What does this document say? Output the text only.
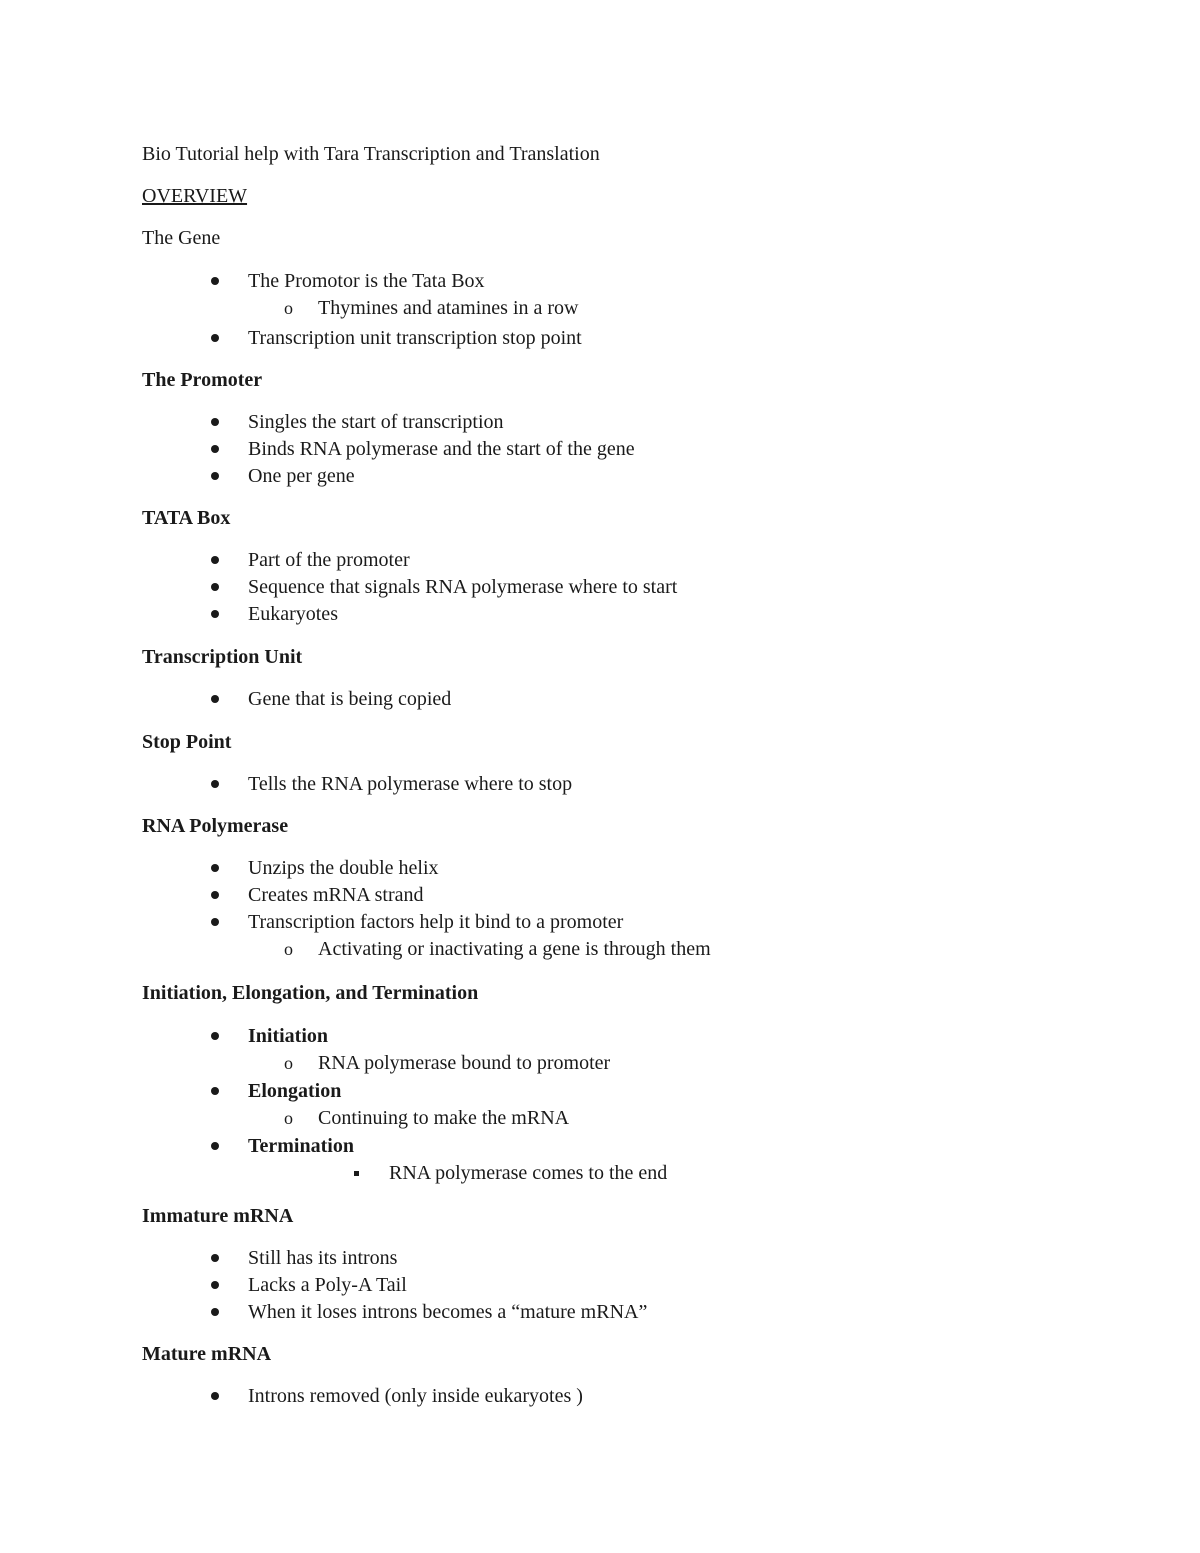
Bio Tutorial help with Tara Transcription and Translation
OVERVIEW
The Gene
The Promotor is the Tata Box
o Thymines and atamines in a row
Transcription unit transcription stop point
The Promoter
Singles the start of transcription
Binds RNA polymerase and the start of the gene
One per gene
TATA Box
Part of the promoter
Sequence that signals RNA polymerase where to start
Eukaryotes
Transcription Unit
Gene that is being copied
Stop Point
Tells the RNA polymerase where to stop
RNA Polymerase
Unzips the double helix
Creates mRNA strand
Transcription factors help it bind to a promoter
o Activating or inactivating a gene is through them
Initiation, Elongation, and Termination
Initiation
o RNA polymerase bound to promoter
Elongation
o Continuing to make the mRNA
Termination
RNA polymerase comes to the end
Immature mRNA
Still has its introns
Lacks a Poly-A Tail
When it loses introns becomes a “mature mRNA”
Mature mRNA
Introns removed (only inside eukaryotes )
